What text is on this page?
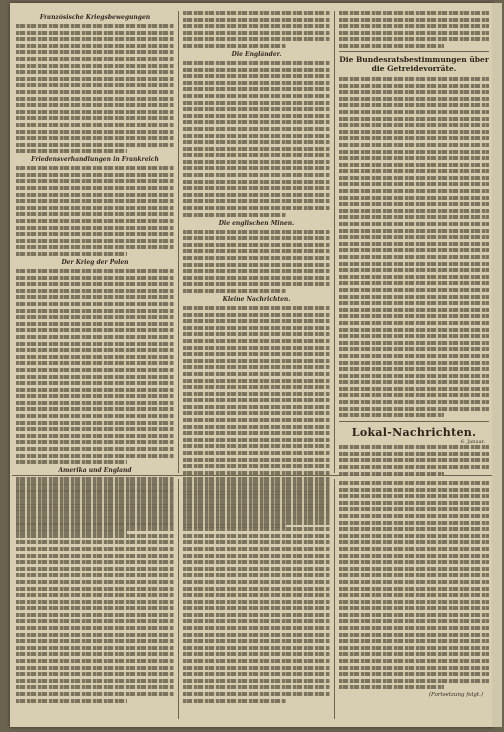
Französische Kriegsbewegungen
Friedensverhandlungen in Frankreich
Der Krieg der Polen
Amerika und England
Die Engländer.
Die englischen Minen.
Kleine Nachrichten.
Die Bundesratsbestimmungen über die Getreidevorräte.
Lokal-Nachrichten.
6. Januar.
(Fortsetzung folgt.)
